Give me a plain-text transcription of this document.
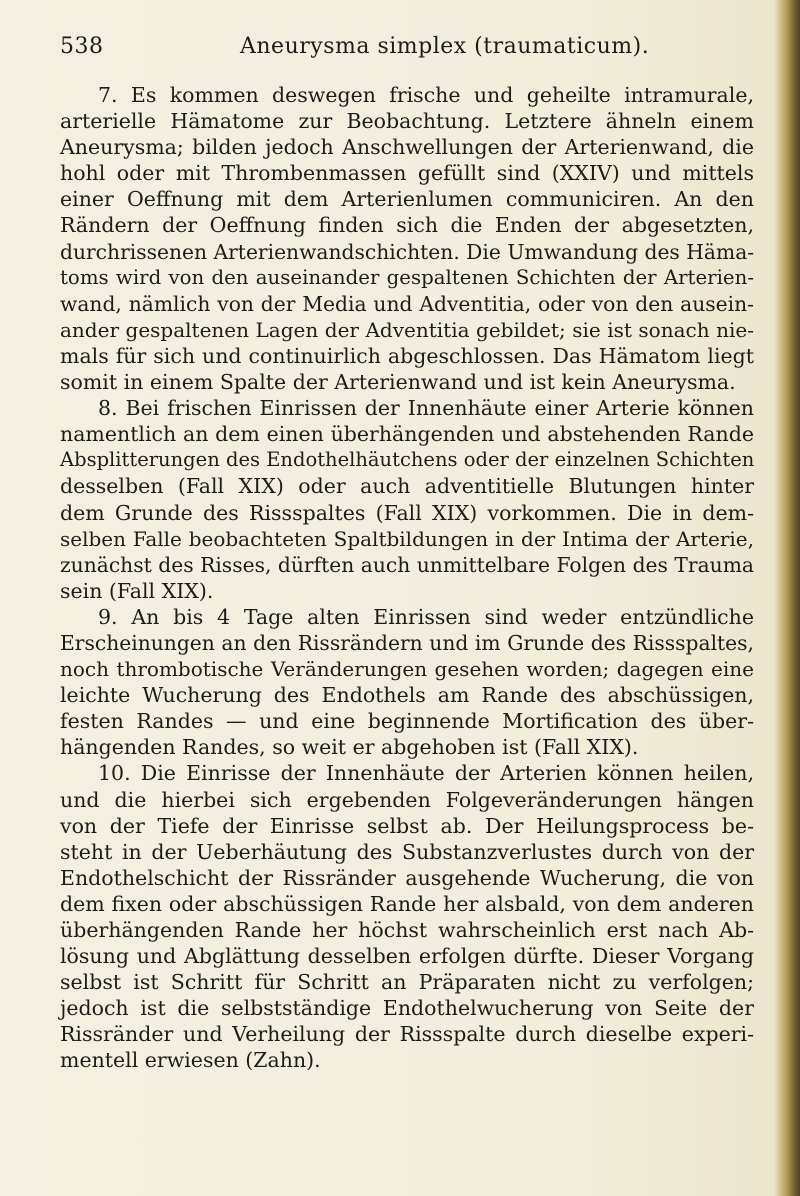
538	Aneurysma simplex (traumaticum).
7. Es kommen deswegen frische und geheilte intramurale,
arterielle Hämatome zur Beobachtung. Letztere ähneln einem
Aneurysma; bilden jedoch Anschwellungen der Arterienwand, die
hohl oder mit Thrombenmassen gefüllt sind (XXIV) und mittels
einer Oeffnung mit dem Arterienlumen communiciren. An den
Rändern der Oeffnung finden sich die Enden der abgesetzten,
durchrissenen Arterienwandschichten. Die Umwandung des Häma-
toms wird von den auseinander gespaltenen Schichten der Arterien-
wand, nämlich von der Media und Adventitia, oder von den ausein-
ander gespaltenen Lagen der Adventitia gebildet; sie ist sonach nie-
mals für sich und continuirlich abgeschlossen. Das Hämatom liegt
somit in einem Spalte der Arterienwand und ist kein Aneurysma.
8. Bei frischen Einrissen der Innenhäute einer Arterie können
namentlich an dem einen überhängenden und abstehenden Rande
Absplitterungen des Endothelhäutchens oder der einzelnen Schichten
desselben (Fall XIX) oder auch adventitielle Blutungen hinter
dem Grunde des Rissspaltes (Fall XIX) vorkommen. Die in dem-
selben Falle beobachteten Spaltbildungen in der Intima der Arterie,
zunächst des Risses, dürften auch unmittelbare Folgen des Trauma
sein (Fall XIX).
9. An bis 4 Tage alten Einrissen sind weder entzündliche
Erscheinungen an den Rissrändern und im Grunde des Rissspaltes,
noch thrombotische Veränderungen gesehen worden; dagegen eine
leichte Wucherung des Endothels am Rande des abschüssigen,
festen Randes — und eine beginnende Mortification des über-
hängenden Randes, so weit er abgehoben ist (Fall XIX).
10. Die Einrisse der Innenhäute der Arterien können heilen,
und die hierbei sich ergebenden Folgeveränderungen hängen
von der Tiefe der Einrisse selbst ab. Der Heilungsprocess be-
steht in der Ueberhäutung des Substanzverlustes durch von der
Endothelschicht der Rissränder ausgehende Wucherung, die von
dem fixen oder abschüssigen Rande her alsbald, von dem anderen
überhängenden Rande her höchst wahrscheinlich erst nach Ab-
lösung und Abglättung desselben erfolgen dürfte. Dieser Vorgang
selbst ist Schritt für Schritt an Präparaten nicht zu verfolgen;
jedoch ist die selbstständige Endothelwucherung von Seite der
Rissränder und Verheilung der Rissspalte durch dieselbe experi-
mentell erwiesen (Zahn).
